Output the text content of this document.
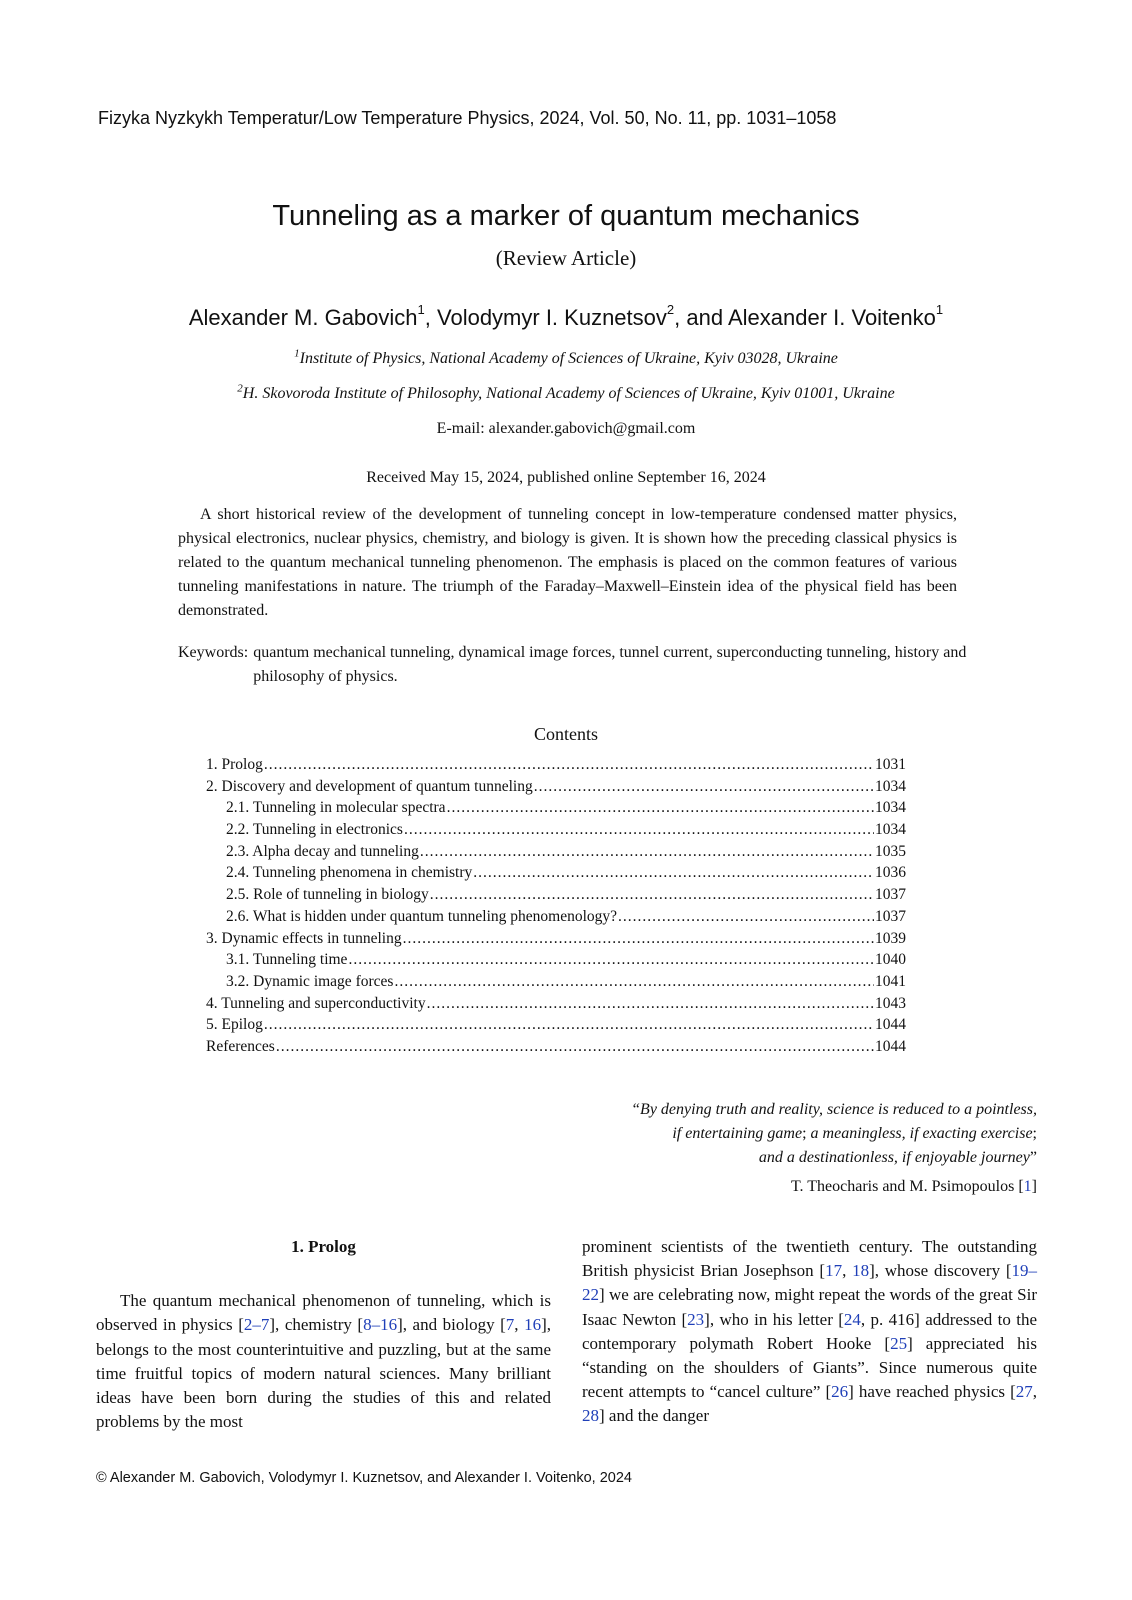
Fizyka Nyzkykh Temperatur/Low Temperature Physics, 2024, Vol. 50, No. 11, pp. 1031–1058
Tunneling as a marker of quantum mechanics
(Review Article)
Alexander M. Gabovich$^1$, Volodymyr I. Kuznetsov$^2$, and Alexander I. Voitenko$^1$
$^1$Institute of Physics, National Academy of Sciences of Ukraine, Kyiv 03028, Ukraine
$^2$H. Skovoroda Institute of Philosophy, National Academy of Sciences of Ukraine, Kyiv 01001, Ukraine
E-mail: alexander.gabovich@gmail.com
Received May 15, 2024, published online September 16, 2024

A short historical review of the development of tunneling concept in low-temperature condensed matter physics, physical electronics, nuclear physics, chemistry, and biology is given. It is shown how the preceding classical physics is related to the quantum mechanical tunneling phenomenon. The emphasis is placed on the common features of various tunneling manifestations in nature. The triumph of the Faraday–Maxwell–Einstein idea of the physical field has been demonstrated.

Keywords: quantum mechanical tunneling, dynamical image forces, tunnel current, superconducting tunneling, history and philosophy of physics.
Contents
1. Prolog .....	1031
2. Discovery and development of quantum tunneling .....	1034
2.1. Tunneling in molecular spectra .....	1034
2.2. Tunneling in electronics .....	1034
2.3. Alpha decay and tunneling .....	1035
2.4. Tunneling phenomena in chemistry .....	1036
2.5. Role of tunneling in biology .....	1037
2.6. What is hidden under quantum tunneling phenomenology? .....	1037
3. Dynamic effects in tunneling .....	1039
3.1. Tunneling time .....	1040
3.2. Dynamic image forces .....	1041
4. Tunneling and superconductivity .....	1043
5. Epilog .....	1044
References .....	1044
“By denying truth and reality, science is reduced to a pointless,
if entertaining game; a meaningless, if exacting exercise;
and a destinationless, if enjoyable journey”
T. Theocharis and M. Psimopoulos [1]
1. Prolog

The quantum mechanical phenomenon of tunneling, which is observed in physics [2–7], chemistry [8–16], and biology [7, 16], belongs to the most counterintuitive and puzzling, but at the same time fruitful topics of modern natural sciences. Many brilliant ideas have been born during the studies of this and related problems by the most

prominent scientists of the twentieth century. The outstanding British physicist Brian Josephson [17, 18], whose discovery [19–22] we are celebrating now, might repeat the words of the great Sir Isaac Newton [23], who in his letter [24, p. 416] addressed to the contemporary polymath Robert Hooke [25] appreciated his “standing on the shoulders of Giants”. Since numerous quite recent attempts to “cancel culture” [26] have reached physics [27, 28] and the danger

© Alexander M. Gabovich, Volodymyr I. Kuznetsov, and Alexander I. Voitenko, 2024
